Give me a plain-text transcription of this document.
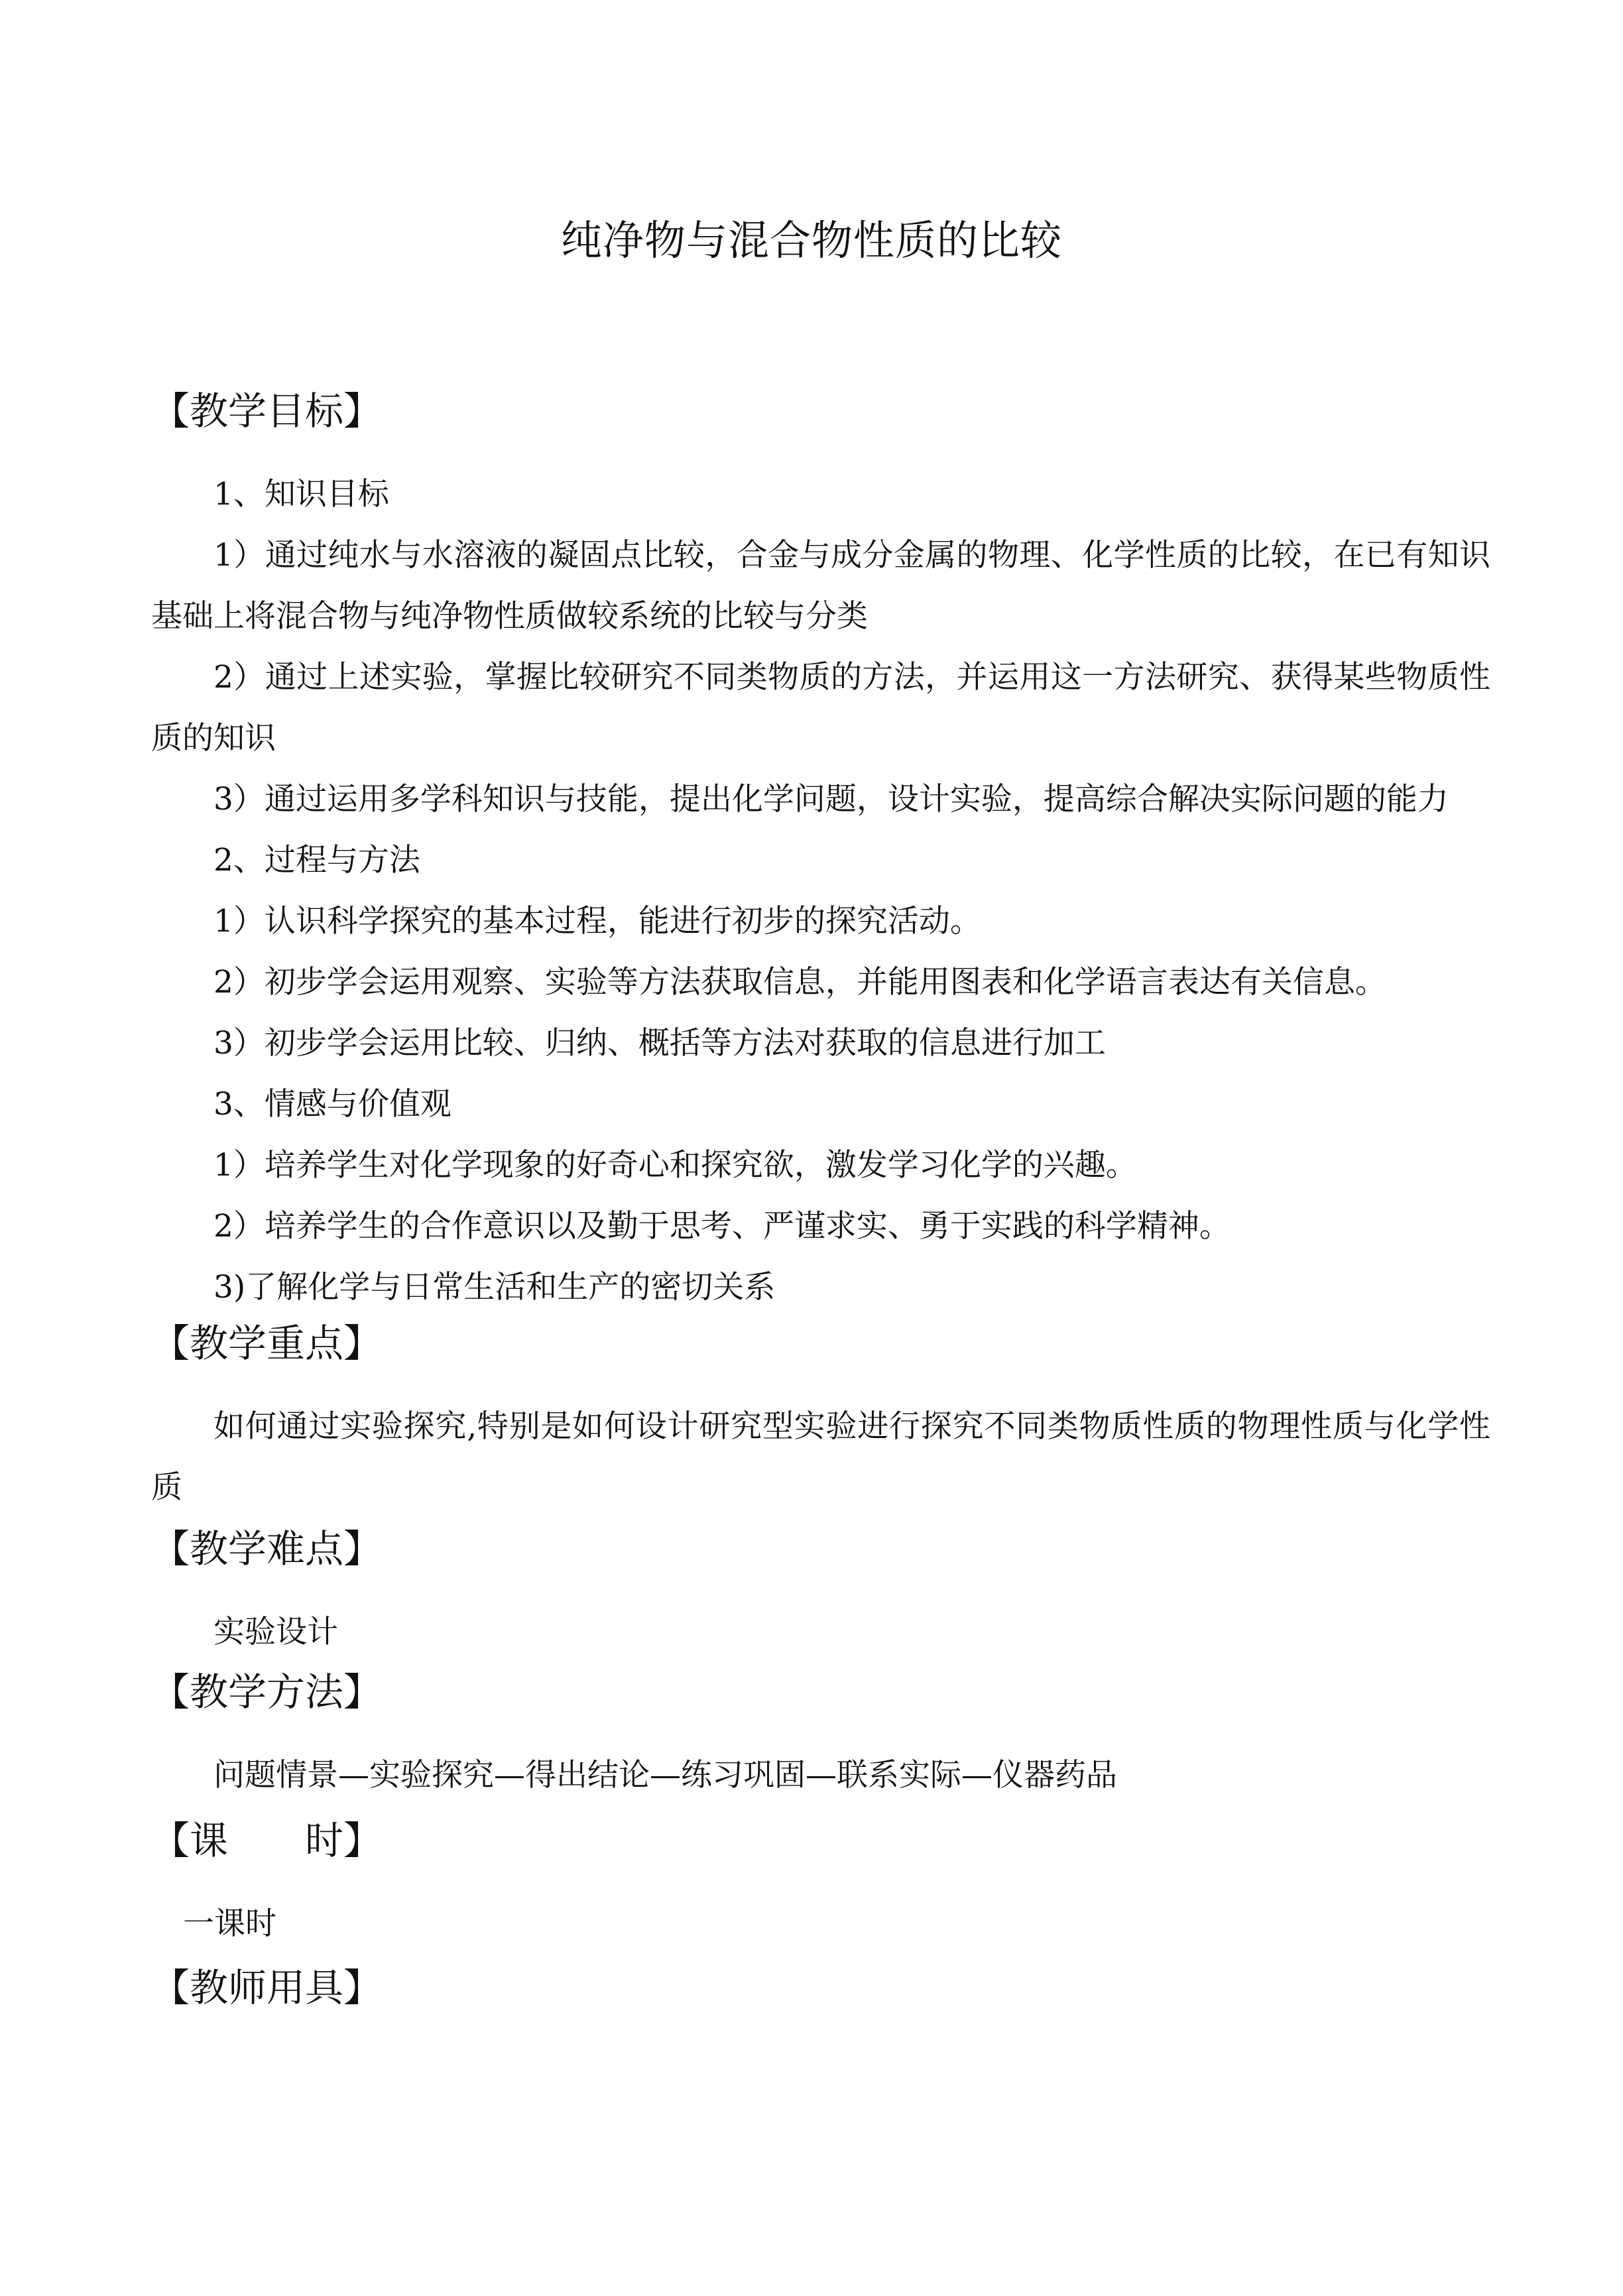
纯净物与混合物性质的比较
【教学目标】

1、知识目标

1）通过纯水与水溶液的凝固点比较，合金与成分金属的物理、化学性质的比较，在已有知识基础上将混合物与纯净物性质做较系统的比较与分类

2）通过上述实验，掌握比较研究不同类物质的方法，并运用这一方法研究、获得某些物质性质的知识

3）通过运用多学科知识与技能，提出化学问题，设计实验，提高综合解决实际问题的能力

2、过程与方法

1）认识科学探究的基本过程，能进行初步的探究活动。

2）初步学会运用观察、实验等方法获取信息，并能用图表和化学语言表达有关信息。

3）初步学会运用比较、归纳、概括等方法对获取的信息进行加工

3、情感与价值观

1）培养学生对化学现象的好奇心和探究欲，激发学习化学的兴趣。

2）培养学生的合作意识以及勤于思考、严谨求实、勇于实践的科学精神。

3)了解化学与日常生活和生产的密切关系

【教学重点】

如何通过实验探究,特别是如何设计研究型实验进行探究不同类物质性质的物理性质与化学性质

【教学难点】

实验设计

【教学方法】

问题情景—实验探究—得出结论—练习巩固—联系实际—仪器药品

【课　　时】

一课时

【教师用具】
